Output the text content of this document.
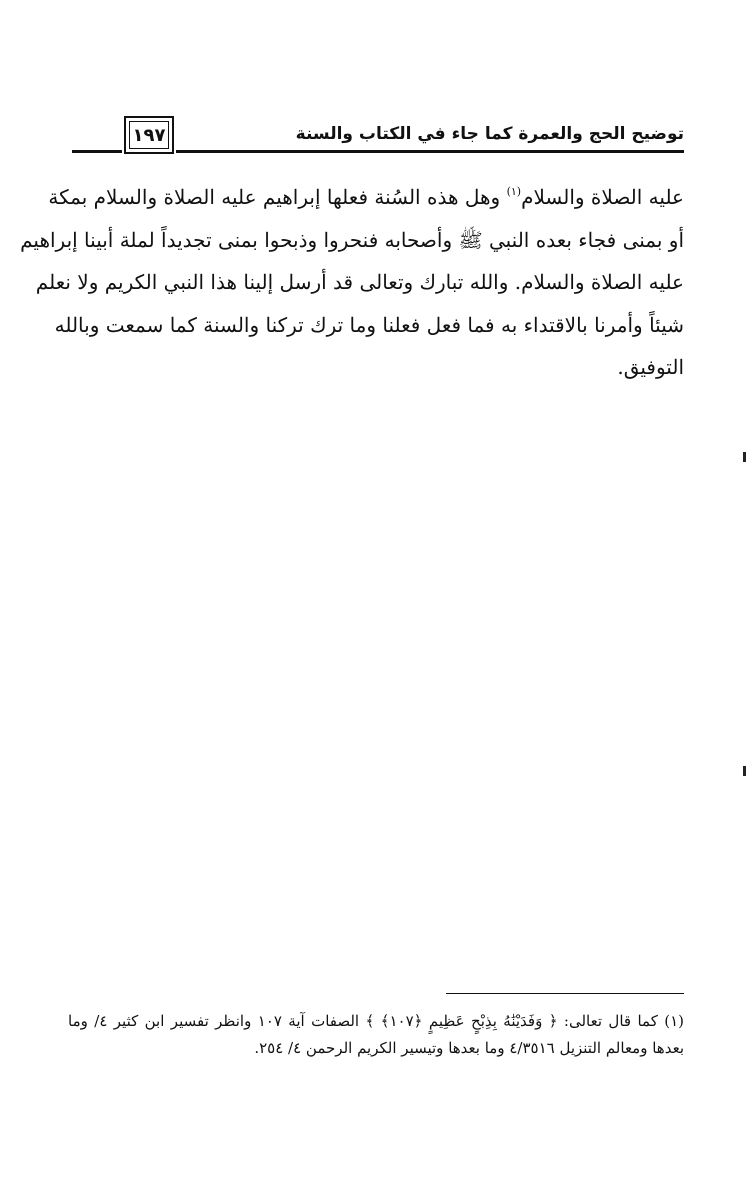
١٩٧	توضيح الحج والعمرة كما جاء في الكتاب والسنة
عليه الصلاة والسلام$^{(١)}$ وهل هذه السُنة فعلها إبراهيم عليه الصلاة والسلام بمكة
أو بمنى فجاء بعده النبي ﷺ وأصحابه فنحروا وذبحوا بمنى تجديداً لملة أبينا إبراهيم
عليه الصلاة والسلام. والله تبارك وتعالى قد أرسل إلينا هذا النبي الكريم ولا نعلم
شيئاً وأمرنا بالاقتداء به فما فعل فعلنا وما ترك تركنا والسنة كما سمعت وبالله
التوفيق.
(١) كما قال تعالى: ﴿ وَفَدَيْنَٰهُ بِذِبْحٍ عَظِيمٍ ﴿١٠٧﴾ ﴾ الصفات آية ١٠٧ وانظر تفسير ابن كثير ٤/ وما
بعدها ومعالم التنزيل ٤/٣٥١٦ وما بعدها وتيسير الكريم الرحمن ٤/ ٢٥٤.
